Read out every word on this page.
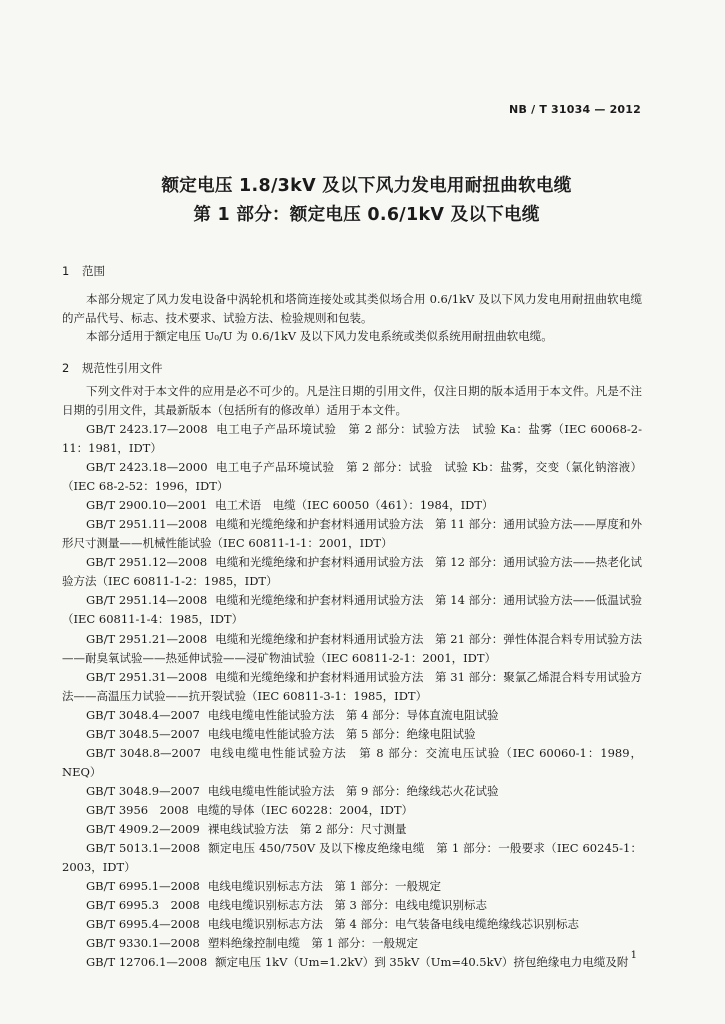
NB / T 31034 — 2012
额定电压 1.8/3kV 及以下风力发电用耐扭曲软电缆
第 1 部分：额定电压 0.6/1kV 及以下电缆
1 范围

本部分规定了风力发电设备中涡轮机和塔筒连接处或其类似场合用 0.6/1kV 及以下风力发电用耐扭曲软电缆的产品代号、标志、技术要求、试验方法、检验规则和包装。

本部分适用于额定电压 U₀/U 为 0.6/1kV 及以下风力发电系统或类似系统用耐扭曲软电缆。

2 规范性引用文件

下列文件对于本文件的应用是必不可少的。凡是注日期的引用文件，仅注日期的版本适用于本文件。凡是不注日期的引用文件，其最新版本（包括所有的修改单）适用于本文件。

GB/T 2423.17—2008 电工电子产品环境试验　第 2 部分：试验方法　试验 Ka：盐雾（IEC 60068-2-11：1981，IDT）
GB/T 2423.18—2000 电工电子产品环境试验　第 2 部分：试验　试验 Kb：盐雾，交变（氯化钠溶液）（IEC 68-2-52：1996，IDT）
GB/T 2900.10—2001 电工术语　电缆（IEC 60050（461）：1984，IDT）
GB/T 2951.11—2008 电缆和光缆绝缘和护套材料通用试验方法　第 11 部分：通用试验方法——厚度和外形尺寸测量——机械性能试验（IEC 60811-1-1：2001，IDT）
GB/T 2951.12—2008 电缆和光缆绝缘和护套材料通用试验方法　第 12 部分：通用试验方法——热老化试验方法（IEC 60811-1-2：1985，IDT）
GB/T 2951.14—2008 电缆和光缆绝缘和护套材料通用试验方法　第 14 部分：通用试验方法——低温试验（IEC 60811-1-4：1985，IDT）
GB/T 2951.21—2008 电缆和光缆绝缘和护套材料通用试验方法　第 21 部分：弹性体混合料专用试验方法——耐臭氧试验——热延伸试验——浸矿物油试验（IEC 60811-2-1：2001，IDT）
GB/T 2951.31—2008 电缆和光缆绝缘和护套材料通用试验方法　第 31 部分：聚氯乙烯混合料专用试验方法——高温压力试验——抗开裂试验（IEC 60811-3-1：1985，IDT）
GB/T 3048.4—2007 电线电缆电性能试验方法　第 4 部分：导体直流电阻试验
GB/T 3048.5—2007 电线电缆电性能试验方法　第 5 部分：绝缘电阻试验
GB/T 3048.8—2007 电线电缆电性能试验方法　第 8 部分：交流电压试验（IEC 60060-1：1989，NEQ）
GB/T 3048.9—2007 电线电缆电性能试验方法　第 9 部分：绝缘线芯火花试验
GB/T 3956　2008 电缆的导体（IEC 60228：2004，IDT）
GB/T 4909.2—2009 裸电线试验方法　第 2 部分：尺寸测量
GB/T 5013.1—2008 额定电压 450/750V 及以下橡皮绝缘电缆　第 1 部分：一般要求（IEC 60245-1：2003，IDT）
GB/T 6995.1—2008 电线电缆识别标志方法　第 1 部分：一般规定
GB/T 6995.3　2008 电线电缆识别标志方法　第 3 部分：电线电缆识别标志
GB/T 6995.4—2008 电线电缆识别标志方法　第 4 部分：电气装备电线电缆绝缘线芯识别标志
GB/T 9330.1—2008 塑料绝缘控制电缆　第 1 部分：一般规定
GB/T 12706.1—2008 额定电压 1kV（Um=1.2kV）到 35kV（Um=40.5kV）挤包绝缘电力电缆及附 1
